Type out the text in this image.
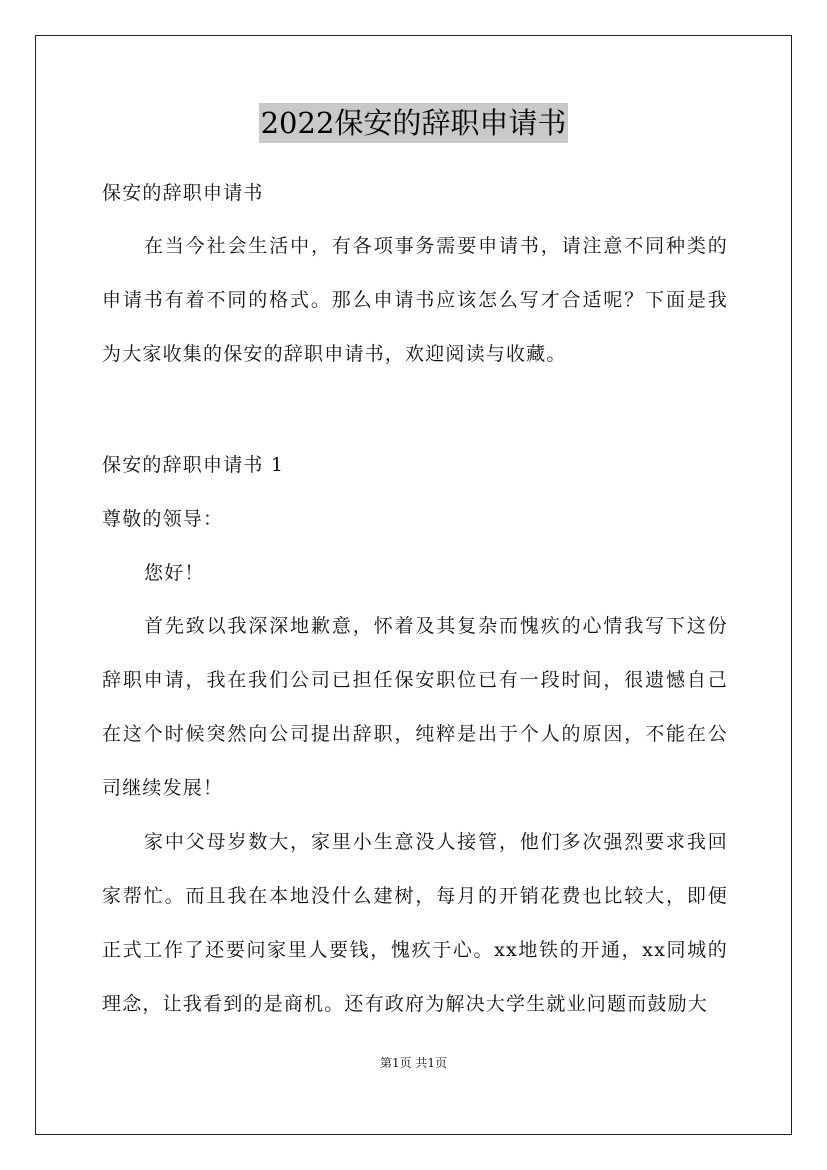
2022保安的辞职申请书
保安的辞职申请书

在当今社会生活中，有各项事务需要申请书，请注意不同种类的申请书有着不同的格式。那么申请书应该怎么写才合适呢？下面是我为大家收集的保安的辞职申请书，欢迎阅读与收藏。

保安的辞职申请书 1
尊敬的领导：
您好！

首先致以我深深地歉意，怀着及其复杂而愧疚的心情我写下这份辞职申请，我在我们公司已担任保安职位已有一段时间，很遗憾自己在这个时候突然向公司提出辞职，纯粹是出于个人的原因，不能在公司继续发展！

家中父母岁数大，家里小生意没人接管，他们多次强烈要求我回家帮忙。而且我在本地没什么建树，每月的开销花费也比较大，即便正式工作了还要问家里人要钱，愧疚于心。xx地铁的开通，xx同城的理念，让我看到的是商机。还有政府为解决大学生就业问题而鼓励大

第1页 共1页
